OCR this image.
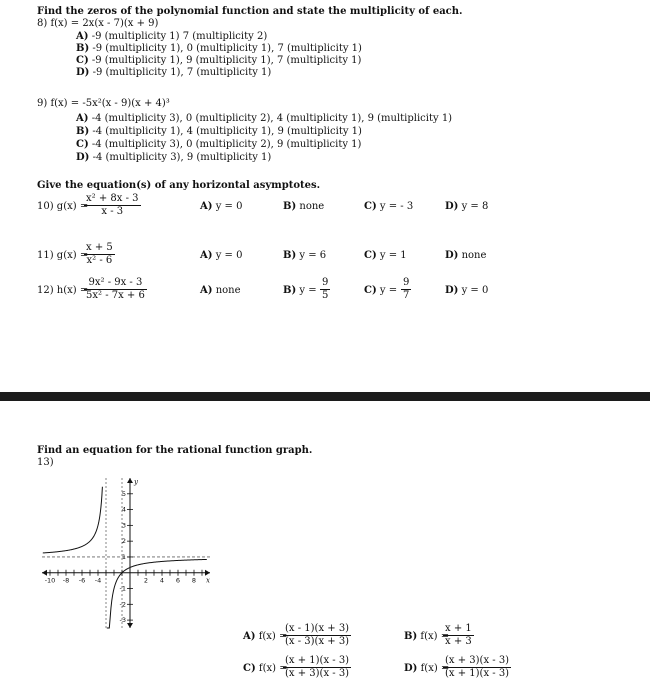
Find the zeros of the polynomial function and state the multiplicity of each.
8) f(x) = 2x(x - 7)(x + 9)
A) -9 (multiplicity 1) 7 (multiplicity 2)
B) -9 (multiplicity 1), 0 (multiplicity 1), 7 (multiplicity 1)
C) -9 (multiplicity 1), 9 (multiplicity 1), 7 (multiplicity 1)
D) -9 (multiplicity 1), 7 (multiplicity 1)
9) f(x) = -5x²(x - 9)(x + 4)³
A) -4 (multiplicity 3), 0 (multiplicity 2), 4 (multiplicity 1), 9 (multiplicity 1)
B) -4 (multiplicity 1), 4 (multiplicity 1), 9 (multiplicity 1)
C) -4 (multiplicity 3), 0 (multiplicity 2), 9 (multiplicity 1)
D) -4 (multiplicity 3), 9 (multiplicity 1)
Give the equation(s) of any horizontal asymptotes.
10) g(x) =
$\frac{\text{x² + 8x - 3}}{x - 3}$	A) y = 0	B) none	C) y = - 3	D) y = 8
11) g(x) =
$\frac{x + 5}{\text{x² - 6}}$	A) y = 0	B) y = 6	C) y = 1	D) none
12) h(x) =
$\frac{\text{9x² - 9x - 3}}{\text{5x² - 7x + 6}}$	A) none	B) $y = \frac{9}{5}$	C) $y = \frac{9}{7}$	D) y = 0
Find an equation for the rational function graph.
13)
-10 -8 -6 -4	2 4 6 8
5
4
3
2
1
-1
-2
-3
y
x
A) f(x) =
$\frac{(x - 1)(x + 3)}{(x - 3)(x + 3)}$	B) f(x) =
$\frac{x + 1}{x + 3}$
C) f(x) =
$\frac{(x + 1)(x - 3)}{(x + 3)(x - 3)}$	D) f(x) =
$\frac{(x + 3)(x - 3)}{(x + 1)(x - 3)}$
